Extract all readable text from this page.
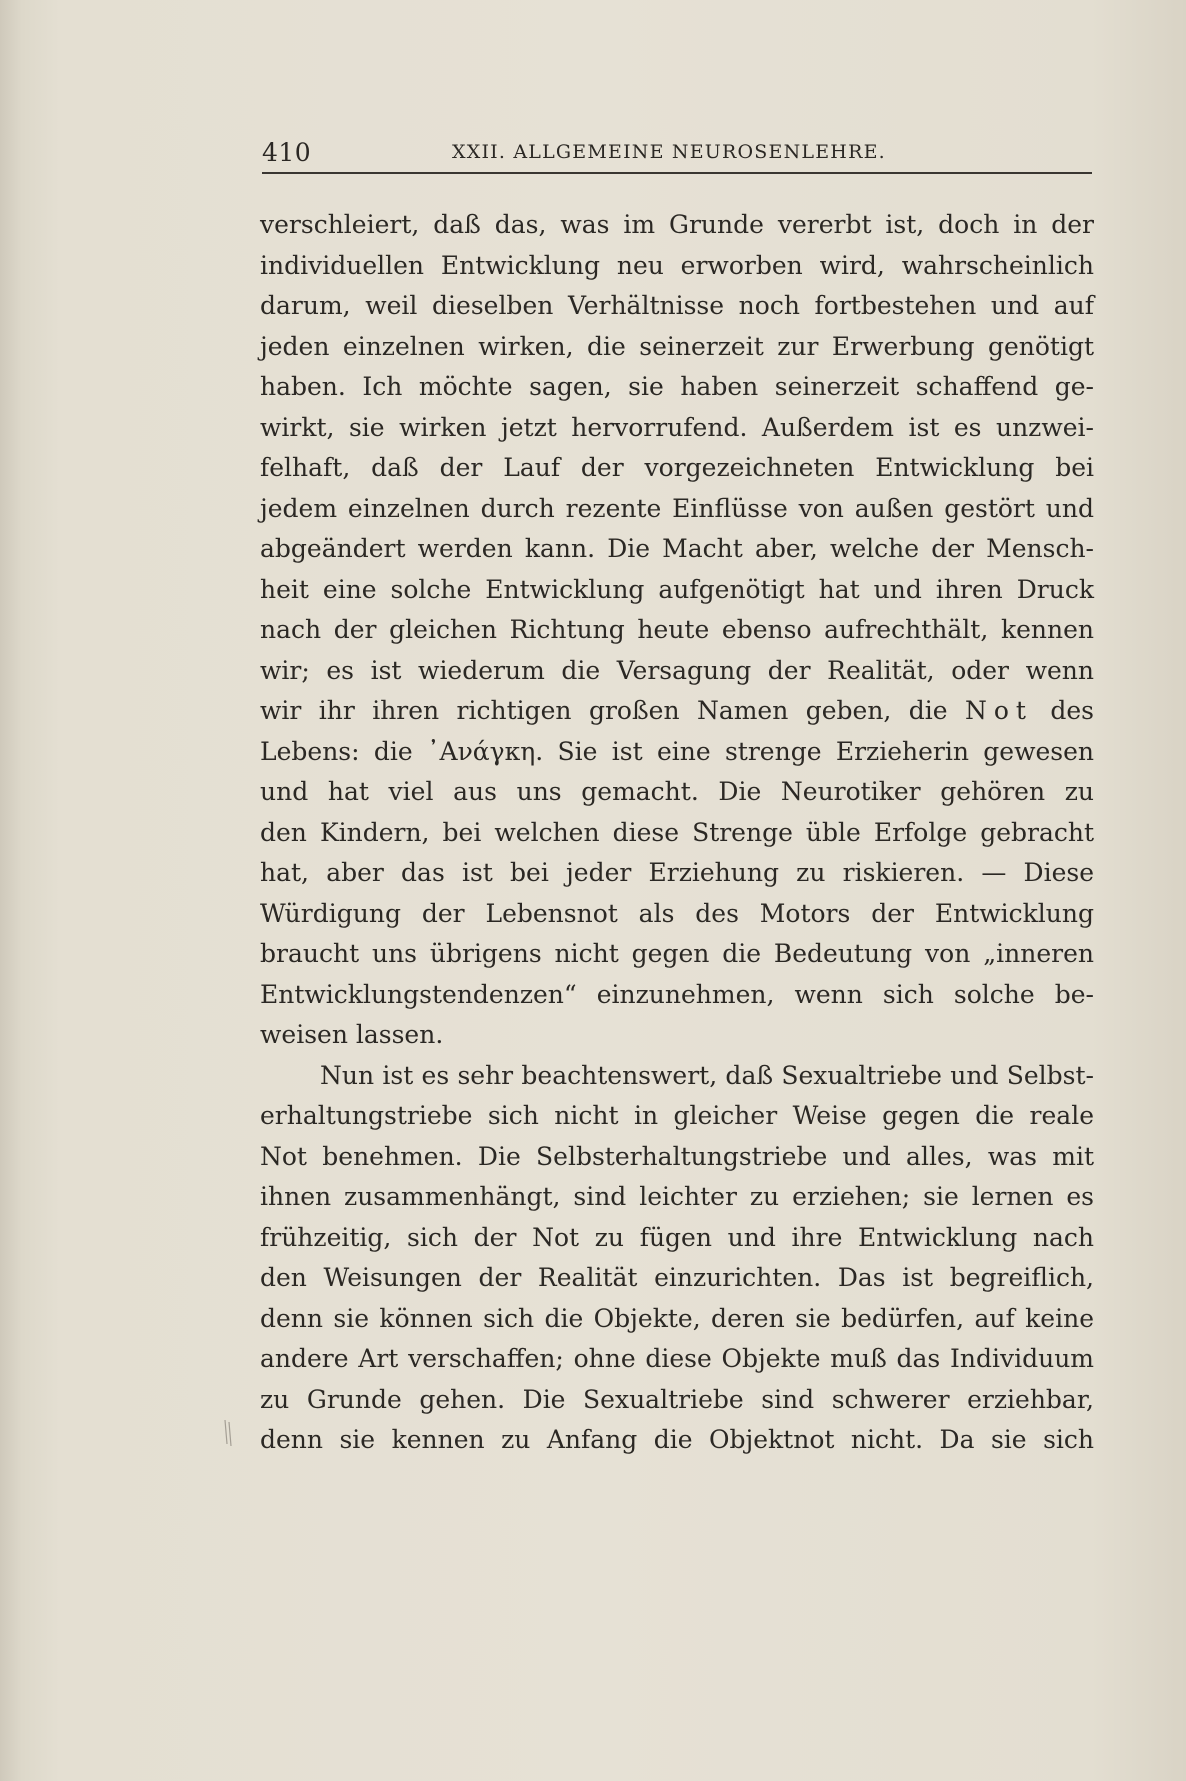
410	XXII. ALLGEMEINE NEUROSENLEHRE.
verschleiert, daß das, was im Grunde vererbt ist, doch in der
individuellen Entwicklung neu erworben wird, wahrscheinlich
darum, weil dieselben Verhältnisse noch fortbestehen und auf
jeden einzelnen wirken, die seinerzeit zur Erwerbung genötigt
haben. Ich möchte sagen, sie haben seinerzeit schaffend ge-
wirkt, sie wirken jetzt hervorrufend. Außerdem ist es unzwei-
felhaft, daß der Lauf der vorgezeichneten Entwicklung bei
jedem einzelnen durch rezente Einflüsse von außen gestört und
abgeändert werden kann. Die Macht aber, welche der Mensch-
heit eine solche Entwicklung aufgenötigt hat und ihren Druck
nach der gleichen Richtung heute ebenso aufrechthält, kennen
wir; es ist wiederum die Versagung der Realität, oder wenn
wir ihr ihren richtigen großen Namen geben, die Not des
Lebens: die ᾿Ανάγκη. Sie ist eine strenge Erzieherin gewesen
und hat viel aus uns gemacht. Die Neurotiker gehören zu
den Kindern, bei welchen diese Strenge üble Erfolge gebracht
hat, aber das ist bei jeder Erziehung zu riskieren. — Diese
Würdigung der Lebensnot als des Motors der Entwicklung
braucht uns übrigens nicht gegen die Bedeutung von „inneren
Entwicklungstendenzen“ einzunehmen, wenn sich solche be-
weisen lassen.
Nun ist es sehr beachtenswert, daß Sexualtriebe und Selbst-
erhaltungstriebe sich nicht in gleicher Weise gegen die reale
Not benehmen. Die Selbsterhaltungstriebe und alles, was mit
ihnen zusammenhängt, sind leichter zu erziehen; sie lernen es
frühzeitig, sich der Not zu fügen und ihre Entwicklung nach
den Weisungen der Realität einzurichten. Das ist begreiflich,
denn sie können sich die Objekte, deren sie bedürfen, auf keine
andere Art verschaffen; ohne diese Objekte muß das Individuum
zu Grunde gehen. Die Sexualtriebe sind schwerer erziehbar,
denn sie kennen zu Anfang die Objektnot nicht. Da sie sich
